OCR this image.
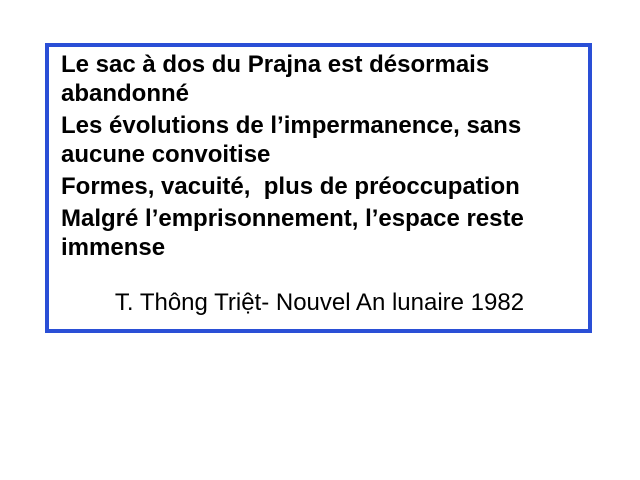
Le sac à dos du Prajna est désormais
abandonné
Les évolutions de l’impermanence, sans
aucune convoitise
Formes, vacuité,  plus de préoccupation
Malgré l’emprisonnement, l’espace reste
immense
T. Thông Triệt- Nouvel An lunaire 1982
